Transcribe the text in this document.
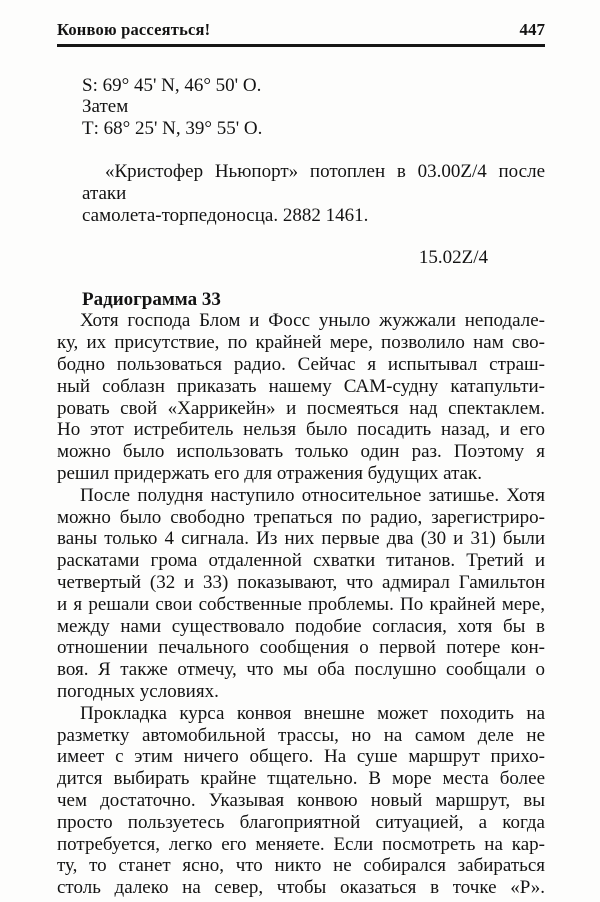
Конвою рассеяться!	447
S: 69° 45' N, 46° 50' О.
Затем
Т: 68° 25' N, 39° 55' О.
«Кристофер Ньюпорт» потоплен в 03.00Z/4 после атаки
самолета-торпедоносца. 2882 1461.
15.02Z/4
Радиограмма 33
Хотя господа Блом и Фосс уныло жужжали неподале-
ку, их присутствие, по крайней мере, позволило нам сво-
бодно пользоваться радио. Сейчас я испытывал страш-
ный соблазн приказать нашему САМ-судну катапульти-
ровать свой «Харрикейн» и посмеяться над спектаклем.
Но этот истребитель нельзя было посадить назад, и его
можно было использовать только один раз. Поэтому я
решил придержать его для отражения будущих атак.
После полудня наступило относительное затишье. Хотя
можно было свободно трепаться по радио, зарегистриро-
ваны только 4 сигнала. Из них первые два (30 и 31) были
раскатами грома отдаленной схватки титанов. Третий и
четвертый (32 и 33) показывают, что адмирал Гамильтон
и я решали свои собственные проблемы. По крайней мере,
между нами существовало подобие согласия, хотя бы в
отношении печального сообщения о первой потере кон-
воя. Я также отмечу, что мы оба послушно сообщали о
погодных условиях.
Прокладка курса конвоя внешне может походить на
разметку автомобильной трассы, но на самом деле не
имеет с этим ничего общего. На суше маршрут прихо-
дится выбирать крайне тщательно. В море места более
чем достаточно. Указывая конвою новый маршрут, вы
просто пользуетесь благоприятной ситуацией, а когда
потребуется, легко его меняете. Если посмотреть на кар-
ту, то станет ясно, что никто не собирался забираться
столь далеко на север, чтобы оказаться в точке «Р».
